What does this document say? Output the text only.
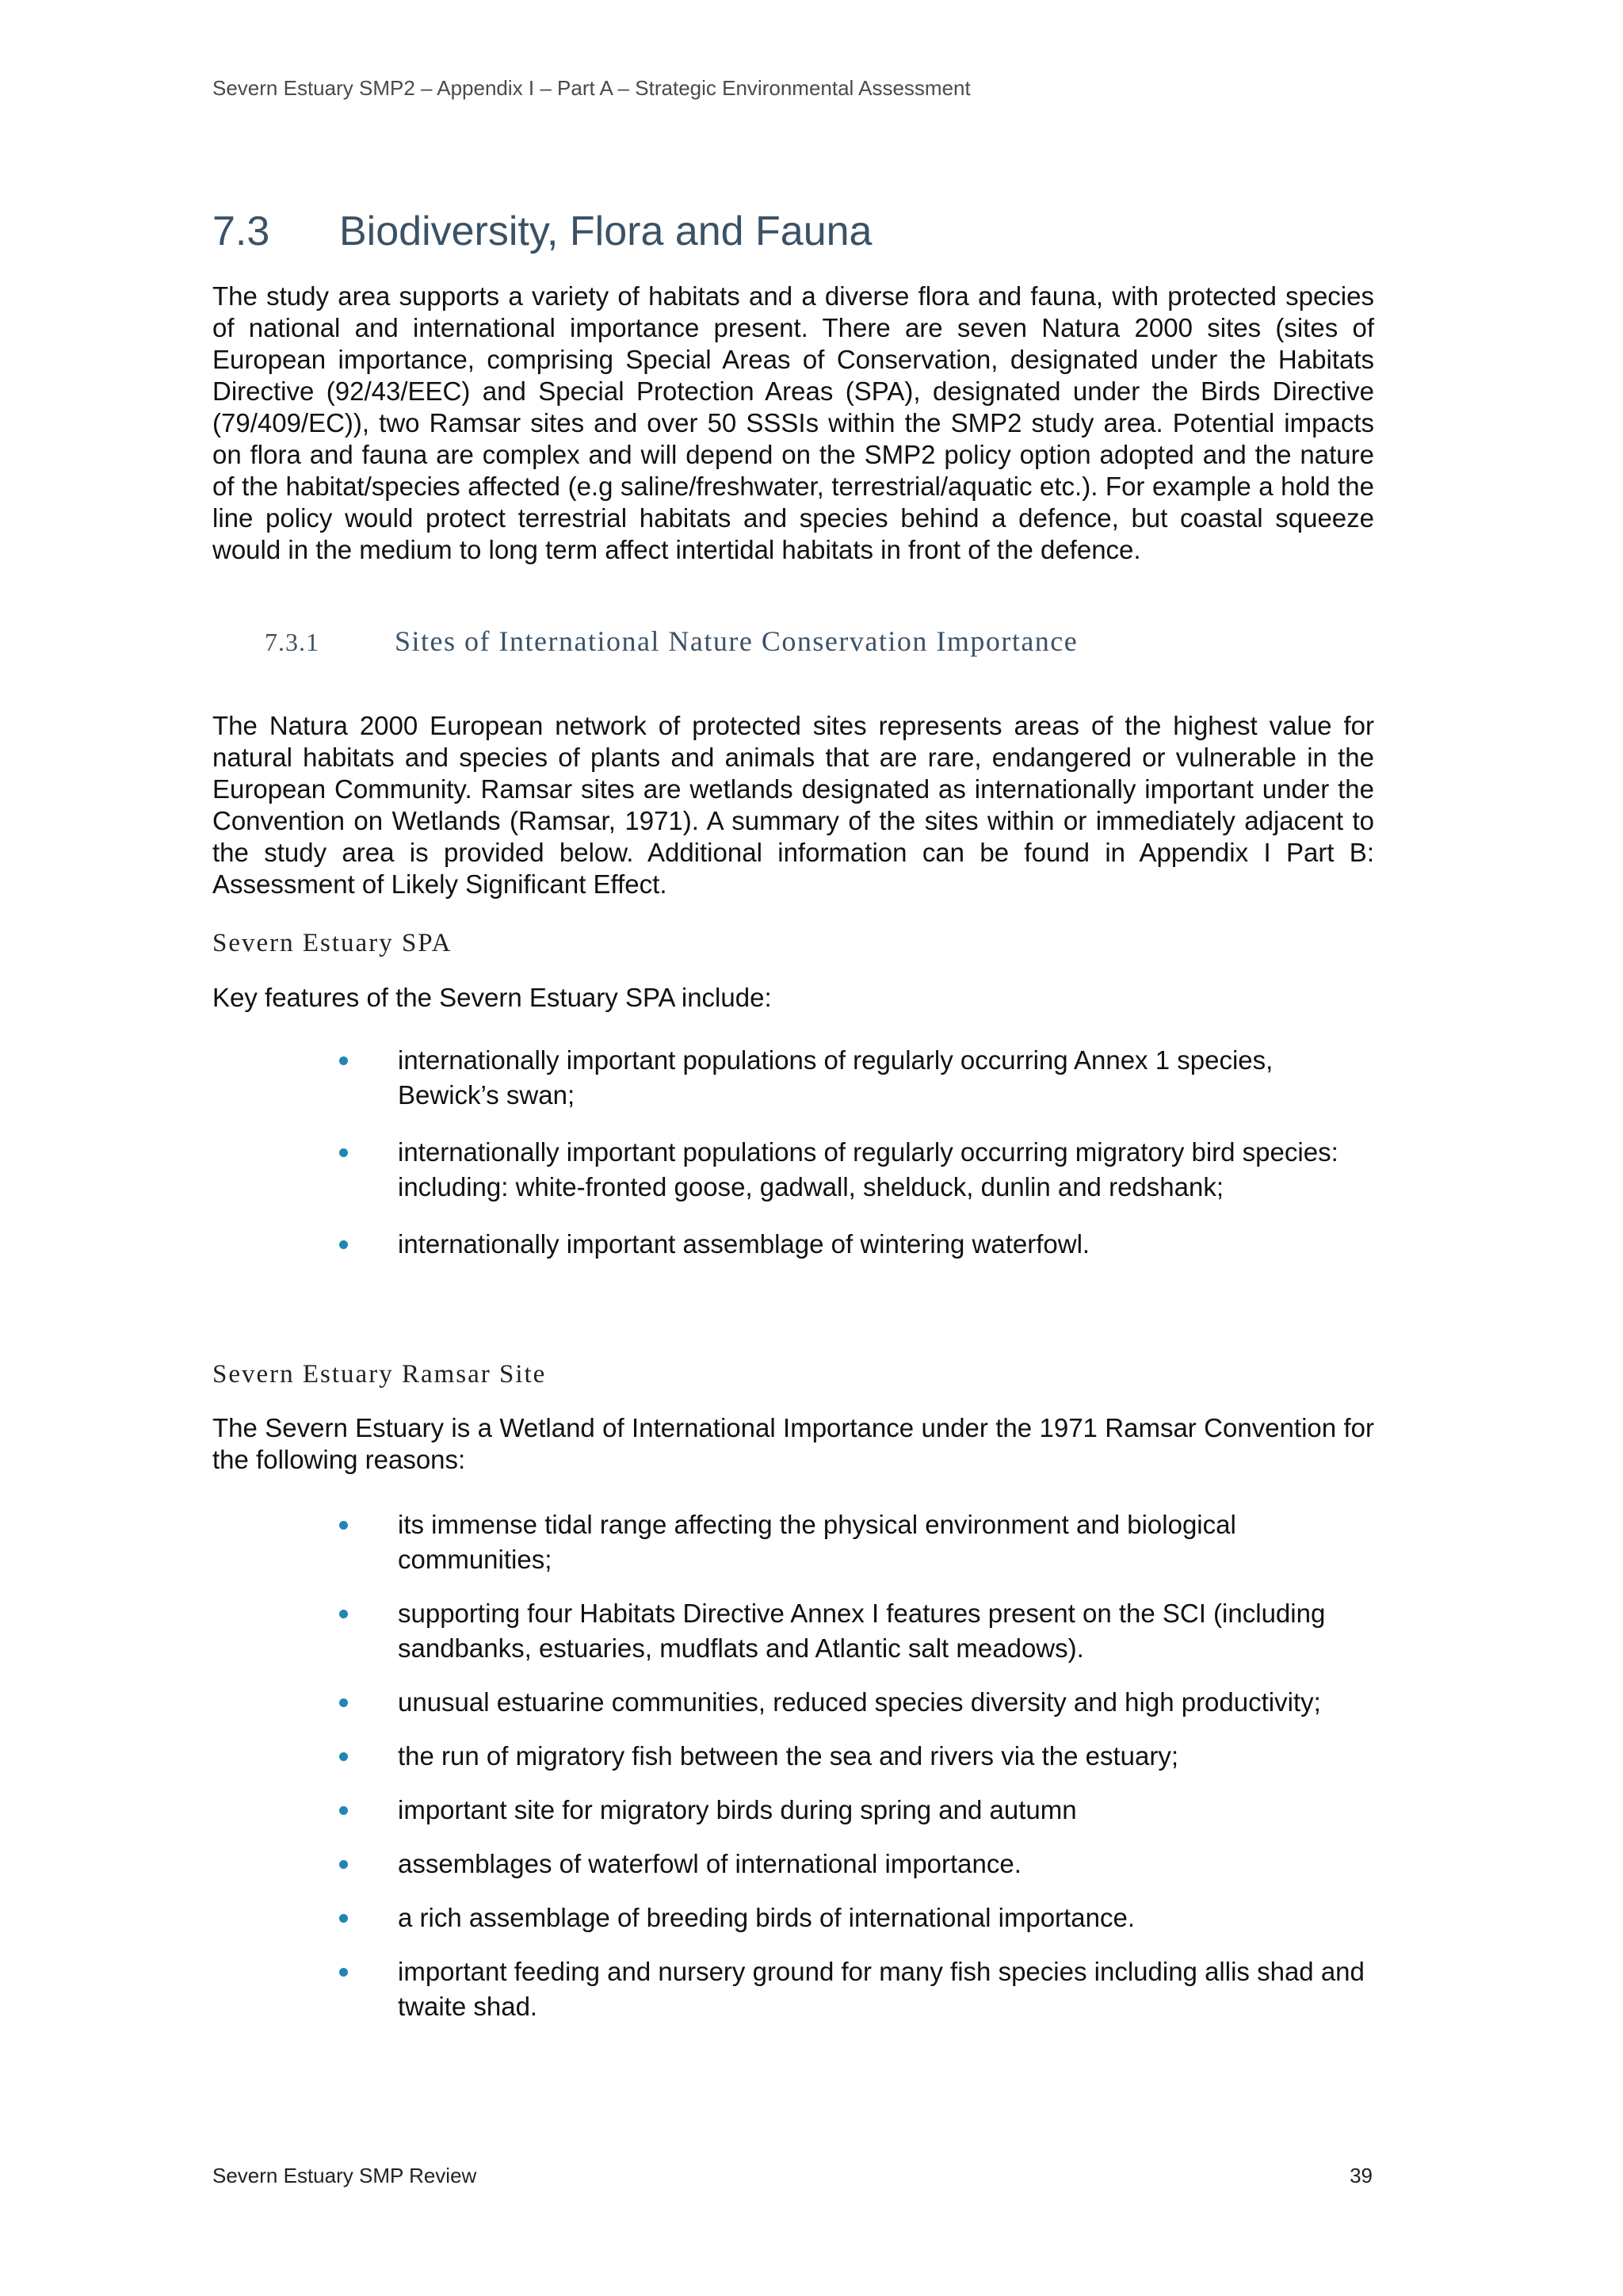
Severn Estuary SMP2 – Appendix I – Part A – Strategic Environmental Assessment
7.3 Biodiversity, Flora and Fauna

The study area supports a variety of habitats and a diverse flora and fauna, with protected species of national and international importance present. There are seven Natura 2000 sites (sites of European importance, comprising Special Areas of Conservation, designated under the Habitats Directive (92/43/EEC) and Special Protection Areas (SPA), designated under the Birds Directive (79/409/EC)), two Ramsar sites and over 50 SSSIs within the SMP2 study area. Potential impacts on flora and fauna are complex and will depend on the SMP2 policy option adopted and the nature of the habitat/species affected (e.g saline/freshwater, terrestrial/aquatic etc.). For example a hold the line policy would protect terrestrial habitats and species behind a defence, but coastal squeeze would in the medium to long term affect intertidal habitats in front of the defence.

7.3.1	Sites of International Nature Conservation Importance

The Natura 2000 European network of protected sites represents areas of the highest value for natural habitats and species of plants and animals that are rare, endangered or vulnerable in the European Community. Ramsar sites are wetlands designated as internationally important under the Convention on Wetlands (Ramsar, 1971). A summary of the sites within or immediately adjacent to the study area is provided below. Additional information can be found in Appendix I Part B: Assessment of Likely Significant Effect.

Severn Estuary SPA
Key features of the Severn Estuary SPA include:
internationally important populations of regularly occurring Annex 1 species, Bewick’s swan;
internationally important populations of regularly occurring migratory bird species: including: white-fronted goose, gadwall, shelduck, dunlin and redshank;
internationally important assemblage of wintering waterfowl.
Severn Estuary Ramsar Site

The Severn Estuary is a Wetland of International Importance under the 1971 Ramsar Convention for the following reasons:

its immense tidal range affecting the physical environment and biological communities;
supporting four Habitats Directive Annex I features present on the SCI (including sandbanks, estuaries, mudflats and Atlantic salt meadows).
unusual estuarine communities, reduced species diversity and high productivity;
the run of migratory fish between the sea and rivers via the estuary;
important site for migratory birds during spring and autumn
assemblages of waterfowl of international importance.
a rich assemblage of breeding birds of international importance.
important feeding and nursery ground for many fish species including allis shad and twaite shad.
Severn Estuary SMP Review	39
